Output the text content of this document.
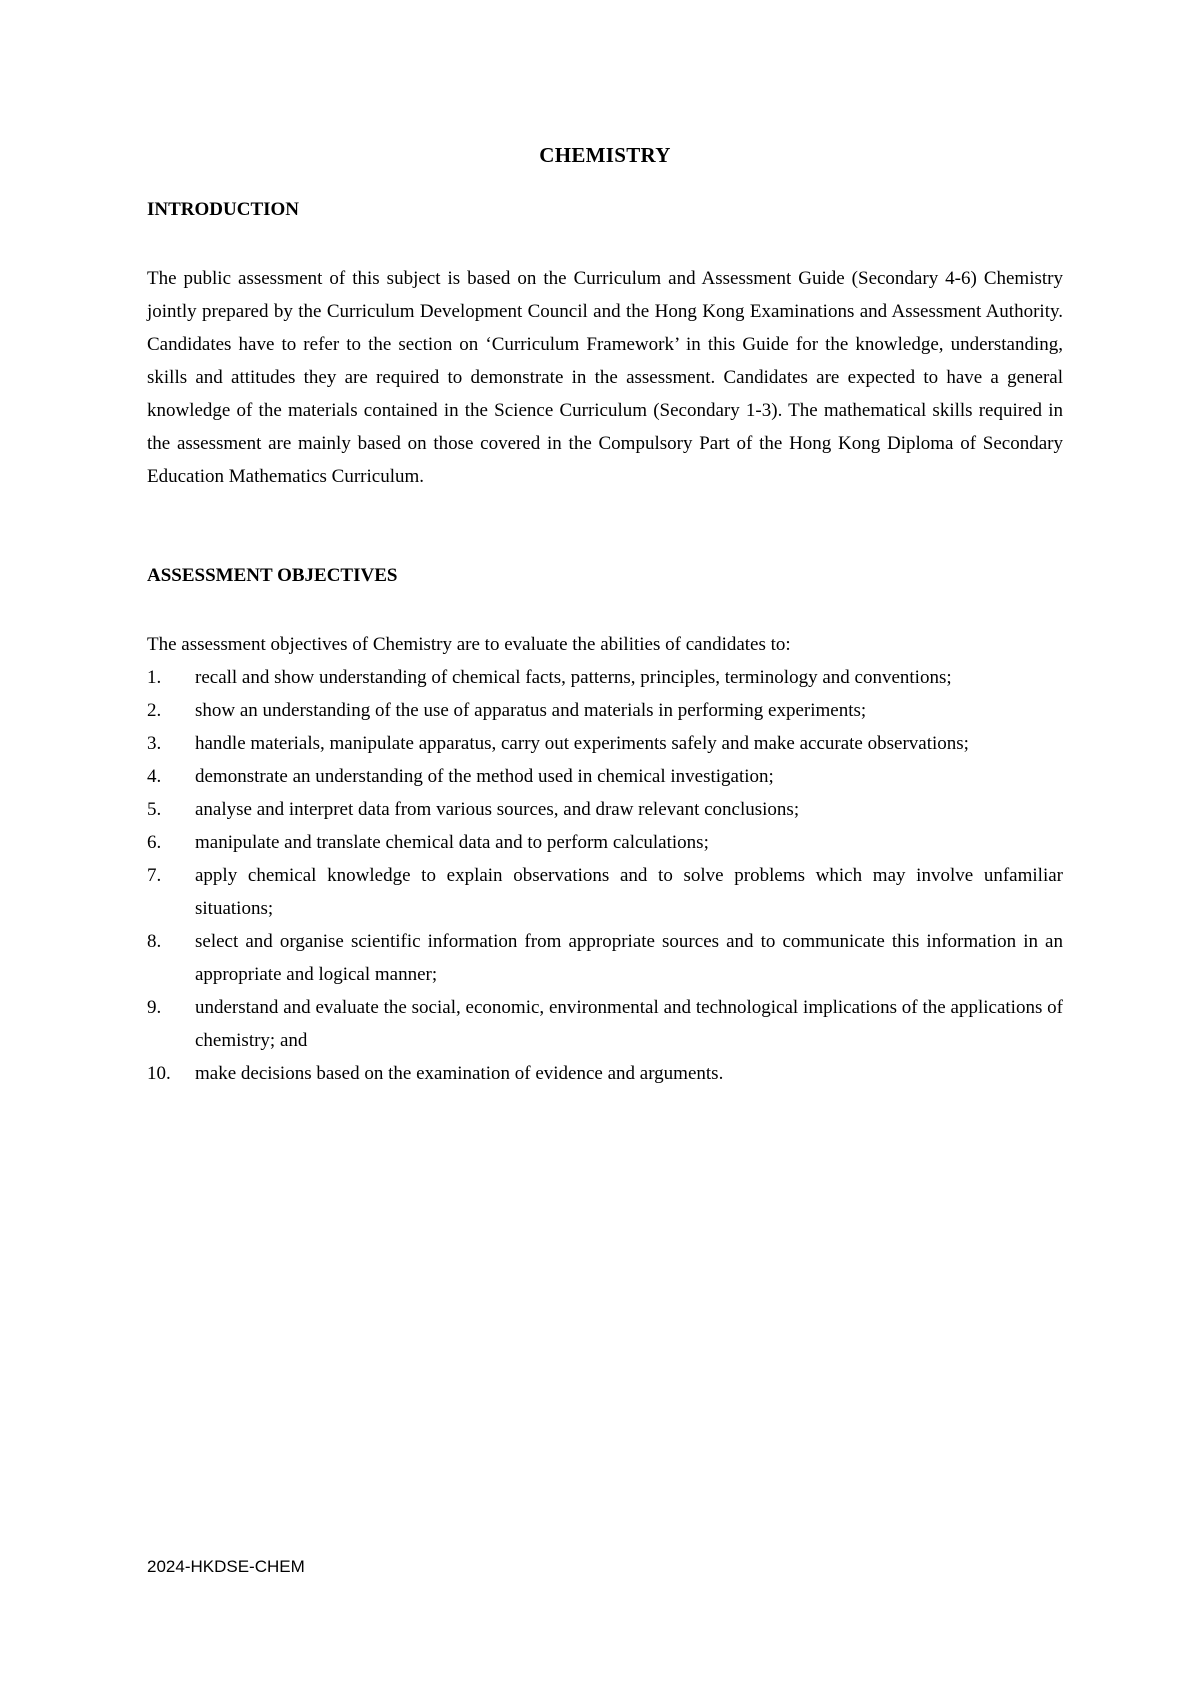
CHEMISTRY
INTRODUCTION

The public assessment of this subject is based on the Curriculum and Assessment Guide (Secondary 4-6) Chemistry jointly prepared by the Curriculum Development Council and the Hong Kong Examinations and Assessment Authority. Candidates have to refer to the section on ‘Curriculum Framework’ in this Guide for the knowledge, understanding, skills and attitudes they are required to demonstrate in the assessment. Candidates are expected to have a general knowledge of the materials contained in the Science Curriculum (Secondary 1-3). The mathematical skills required in the assessment are mainly based on those covered in the Compulsory Part of the Hong Kong Diploma of Secondary Education Mathematics Curriculum.

ASSESSMENT OBJECTIVES
The assessment objectives of Chemistry are to evaluate the abilities of candidates to:
1.	recall and show understanding of chemical facts, patterns, principles, terminology and conventions;
2.	show an understanding of the use of apparatus and materials in performing experiments;
3.	handle materials, manipulate apparatus, carry out experiments safely and make accurate observations;
4.	demonstrate an understanding of the method used in chemical investigation;
5.	analyse and interpret data from various sources, and draw relevant conclusions;
6.	manipulate and translate chemical data and to perform calculations;
7.	apply chemical knowledge to explain observations and to solve problems which may involve unfamiliar situations;
8.	select and organise scientific information from appropriate sources and to communicate this information in an appropriate and logical manner;
9.	understand and evaluate the social, economic, environmental and technological implications of the applications of chemistry; and
10.	make decisions based on the examination of evidence and arguments.
2024-HKDSE-CHEM
